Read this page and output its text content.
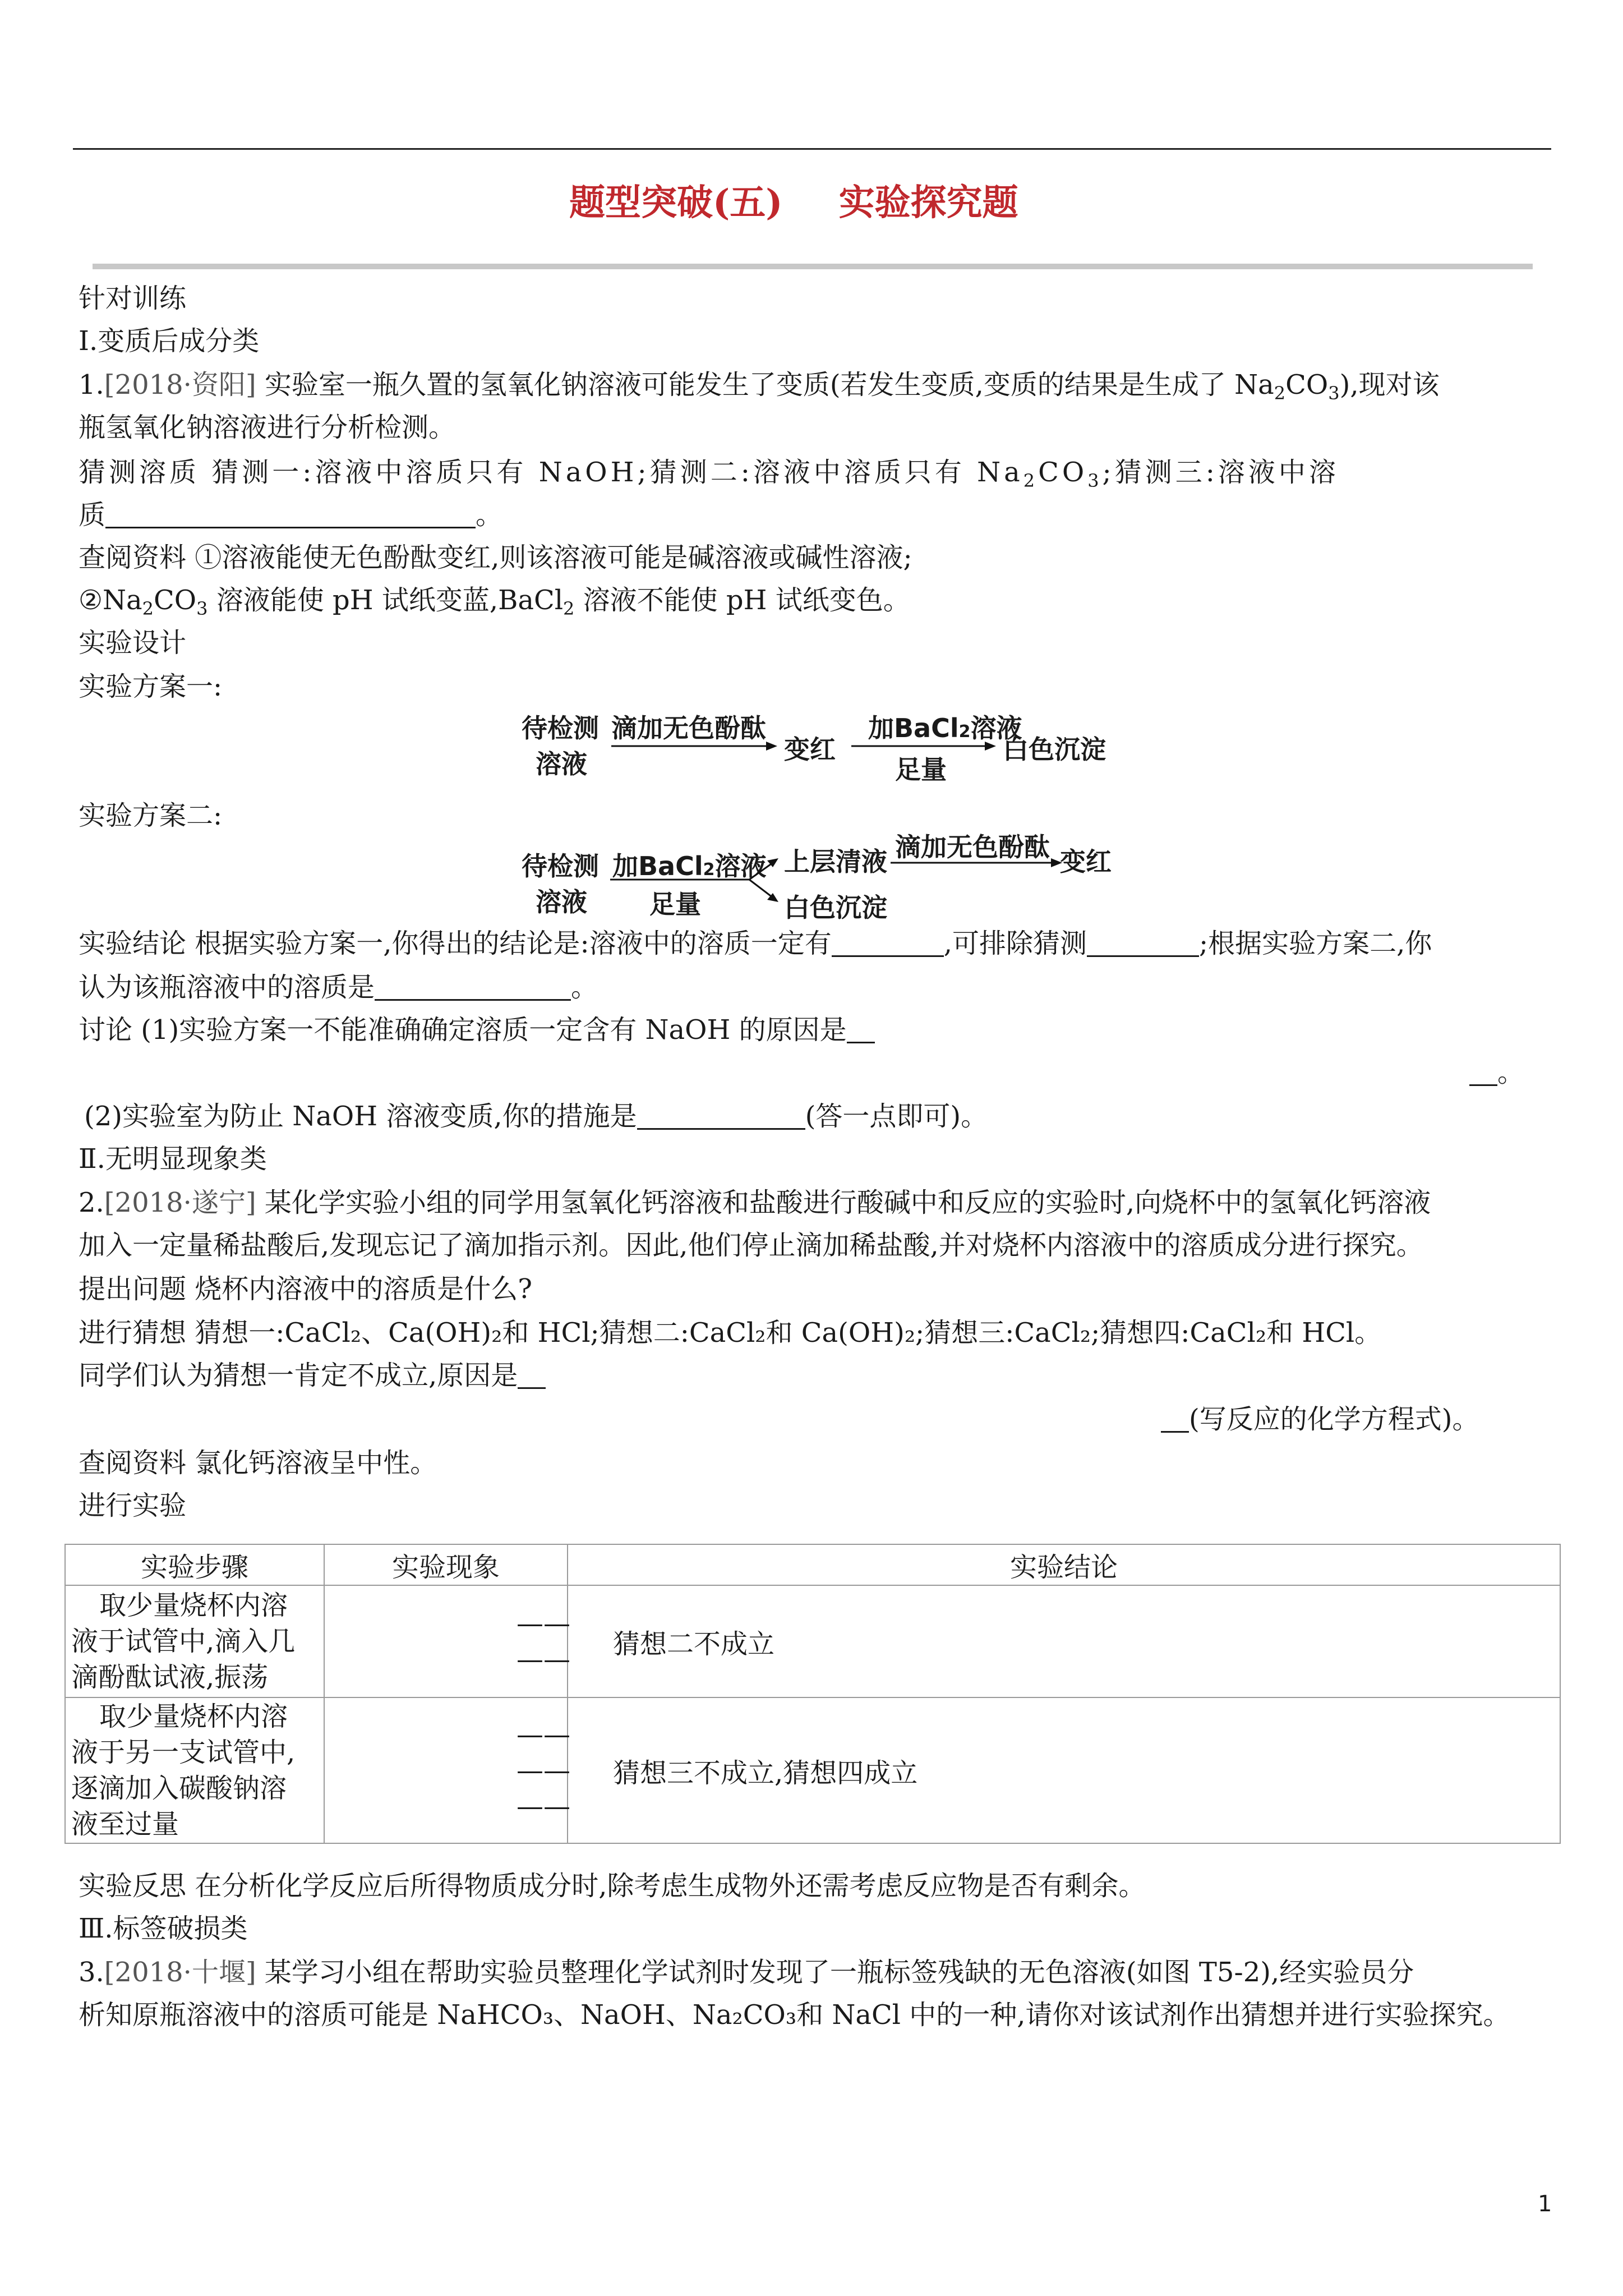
题型突破(五) 实验探究题
针对训练
Ⅰ.变质后成分类
1.[2018·资阳] 实验室一瓶久置的氢氧化钠溶液可能发生了变质(若发生变质,变质的结果是生成了 $Na_2CO_3$),现对该
瓶氢氧化钠溶液进行分析检测。
猜测溶质 猜测一:溶液中溶质只有 NaOH;猜测二:溶液中溶质只有 $Na_2CO_3$;猜测三:溶液中溶
质	。
查阅资料 ①溶液能使无色酚酞变红,则该溶液可能是碱溶液或碱性溶液;
$②Na_2CO_3$ 溶液能使 pH 试纸变蓝,BaCl$_2$ 溶液不能使 pH 试纸变色。
实验设计
实验方案一:
待检测
溶液
滴加无色酚酞
变红
加BaCl2溶液
足量
白色沉淀
实验方案二:
待检测
溶液
加BaCl2溶液
足量
上层清液
白色沉淀
滴加无色酚酞 变红
实验结论 根据实验方案一,你得出的结论是:溶液中的溶质一定有	,可排除猜测	;根据实验方案二,你
认为该瓶溶液中的溶质是	。
讨论 (1)实验方案一不能准确确定溶质一定含有 NaOH 的原因是
。
(2)实验室为防止 NaOH 溶液变质,你的措施是	(答一点即可)。
Ⅱ.无明显现象类
2.[2018·遂宁] 某化学实验小组的同学用氢氧化钙溶液和盐酸进行酸碱中和反应的实验时,向烧杯中的氢氧化钙溶液
加入一定量稀盐酸后,发现忘记了滴加指示剂。因此,他们停止滴加稀盐酸,并对烧杯内溶液中的溶质成分进行探究。
提出问题 烧杯内溶液中的溶质是什么?
进行猜想 猜想一:CaCl₂、Ca(OH)₂和 HCl;猜想二:CaCl₂和 Ca(OH)₂;猜想三:CaCl₂;猜想四:CaCl₂和 HCl。
同学们认为猜想一肯定不成立,原因是
(写反应的化学方程式)。
查阅资料 氯化钙溶液呈中性。
进行实验
实验步骤	实验现象	实验结论

取少量烧杯内溶液于试管中,滴入几滴酚酞试液,振荡	—— ——	猜想二不成立

取少量烧杯内溶液于另一支试管中,逐滴加入碳酸钠溶液至过量	—— —— ——	猜想三不成立,猜想四成立
实验反思 在分析化学反应后所得物质成分时,除考虑生成物外还需考虑反应物是否有剩余。
Ⅲ.标签破损类
3.[2018·十堰] 某学习小组在帮助实验员整理化学试剂时发现了一瓶标签残缺的无色溶液(如图 T5-2),经实验员分
析知原瓶溶液中的溶质可能是 NaHCO₃、NaOH、Na₂CO₃和 NaCl 中的一种,请你对该试剂作出猜想并进行实验探究。
1
